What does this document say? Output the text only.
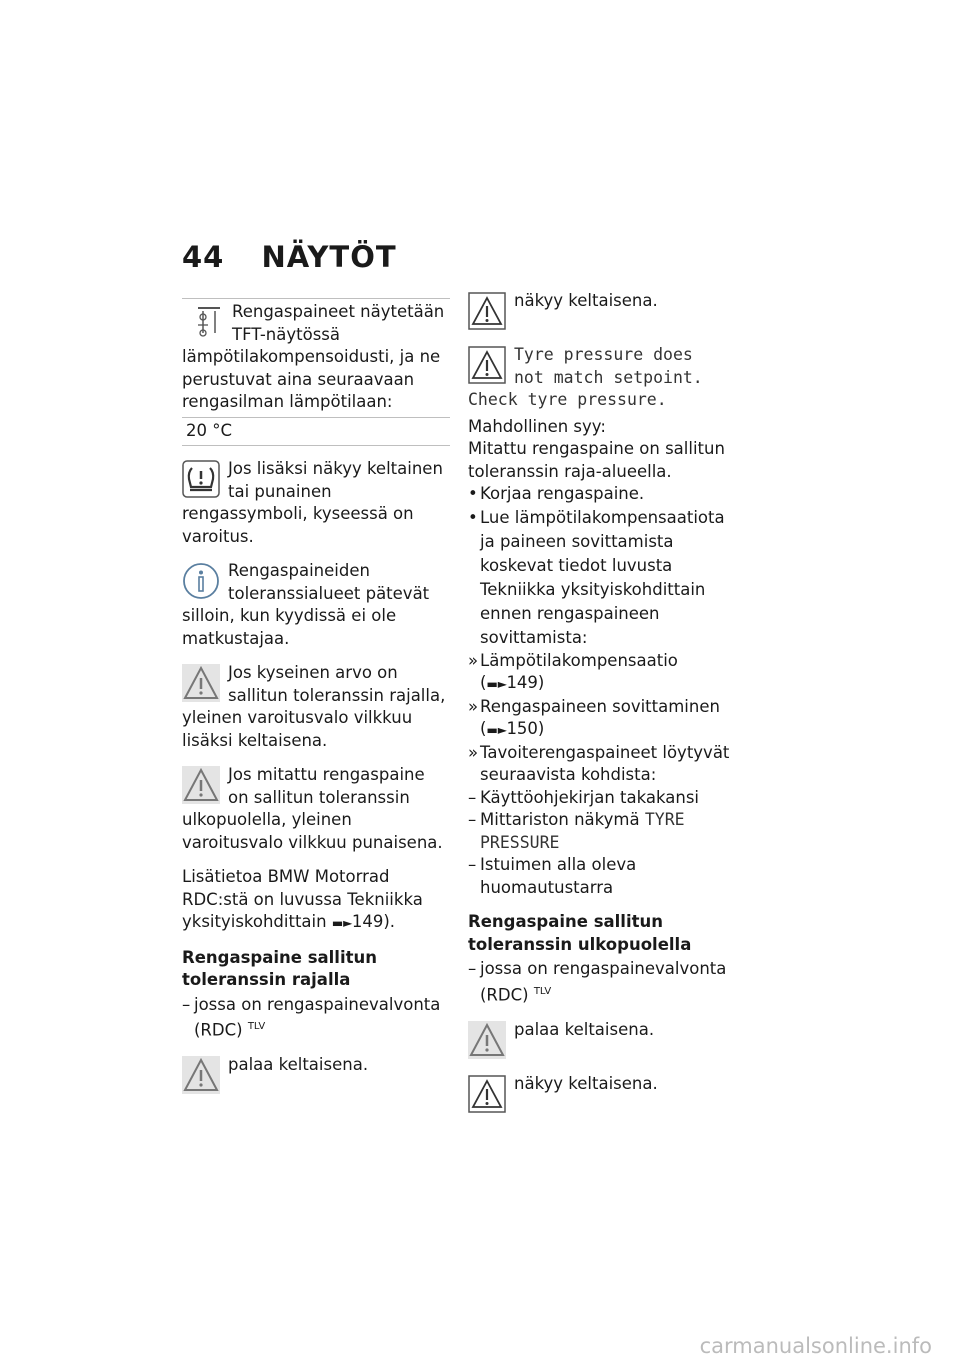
44 NÄYTÖT
Rengaspaineet näytetään TFT-näytössä lämpötilakompensoidusti, ja ne perustuvat aina seuraavaan rengasilman lämpötilaan:
20 °C
Jos lisäksi näkyy keltainen tai punainen rengassymboli, kyseessä on varoitus.
Rengaspaineiden toleranssialueet pätevät silloin, kun kyydissä ei ole matkustajaa.
Jos kyseinen arvo on sallitun toleranssin rajalla, yleinen varoitusvalo vilkkuu lisäksi keltaisena.
Jos mitattu rengaspaine on sallitun toleranssin ulkopuolella, yleinen varoitusvalo vilkkuu punaisena.
Lisätietoa BMW Motorrad RDC:stä on luvussa Tekniikka yksityiskohdittain ▬►149).
Rengaspaine sallitun toleranssin rajalla
– jossa on rengaspainevalvonta (RDC) $^{TLV}$
palaa keltaisena.
näkyy keltaisena.
Tyre pressure does
not match setpoint.
Check tyre pressure.

Mahdollinen syy:

Mitattu rengaspaine on sallitun toleranssin raja-alueella.

• Korjaa rengaspaine.
• Lue lämpötilakompensaatiota ja paineen sovittamista koskevat tiedot luvusta Tekniikka yksityiskohdittain ennen rengaspaineen sovittamista:
» Lämpötilakompensaatio
(▬►149)
» Rengaspaineen sovittaminen
(▬►150)
» Tavoiterengaspaineet löytyvät seuraavista kohdista:
– Käyttöohjekirjan takakansi
– Mittariston näkymä TYRE
PRESSURE
– Istuimen alla oleva huomautustarra
Rengaspaine sallitun toleranssin ulkopuolella
– jossa on rengaspainevalvonta (RDC) $^{TLV}$
palaa keltaisena.
näkyy keltaisena.
carmanualsonline.info
